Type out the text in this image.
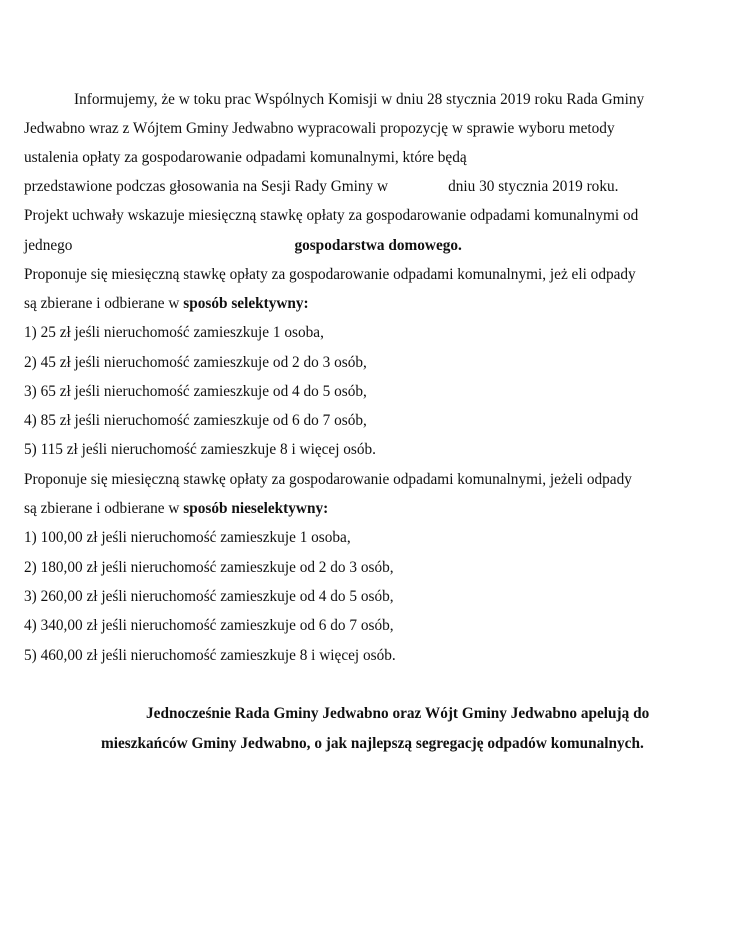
Informujemy, że w toku prac Wspólnych Komisji w dniu 28 stycznia 2019 roku Rada Gminy
Jedwabno wraz z Wójtem Gminy Jedwabno wypracowali propozycję w sprawie wyboru metody
ustalenia opłaty za gospodarowanie odpadami komunalnymi, które będą
przedstawione podczas głosowania na Sesji Rady Gminy w	dniu 30 stycznia 2019 roku.
Projekt uchwały wskazuje miesięczną stawkę opłaty za gospodarowanie odpadami komunalnymi od
jednego	gospodarstwa domowego.
Proponuje się miesięczną stawkę opłaty za gospodarowanie odpadami komunalnymi, jeż eli odpady
są zbierane i odbierane w sposób selektywny:
1) 25 zł jeśli nieruchomość zamieszkuje 1 osoba,
2) 45 zł jeśli nieruchomość zamieszkuje od 2 do 3 osób,
3) 65 zł jeśli nieruchomość zamieszkuje od 4 do 5 osób,
4) 85 zł jeśli nieruchomość zamieszkuje od 6 do 7 osób,
5) 115 zł jeśli nieruchomość zamieszkuje 8 i więcej osób.
Proponuje się miesięczną stawkę opłaty za gospodarowanie odpadami komunalnymi, jeżeli odpady
są zbierane i odbierane w sposób nieselektywny:
1) 100,00 zł jeśli nieruchomość zamieszkuje 1 osoba,
2) 180,00 zł jeśli nieruchomość zamieszkuje od 2 do 3 osób,
3) 260,00 zł jeśli nieruchomość zamieszkuje od 4 do 5 osób,
4) 340,00 zł jeśli nieruchomość zamieszkuje od 6 do 7 osób,
5) 460,00 zł jeśli nieruchomość zamieszkuje 8 i więcej osób.
Jednocześnie Rada Gminy Jedwabno oraz Wójt Gminy Jedwabno apelują do
mieszkańców Gminy Jedwabno, o jak najlepszą segregację odpadów komunalnych.
